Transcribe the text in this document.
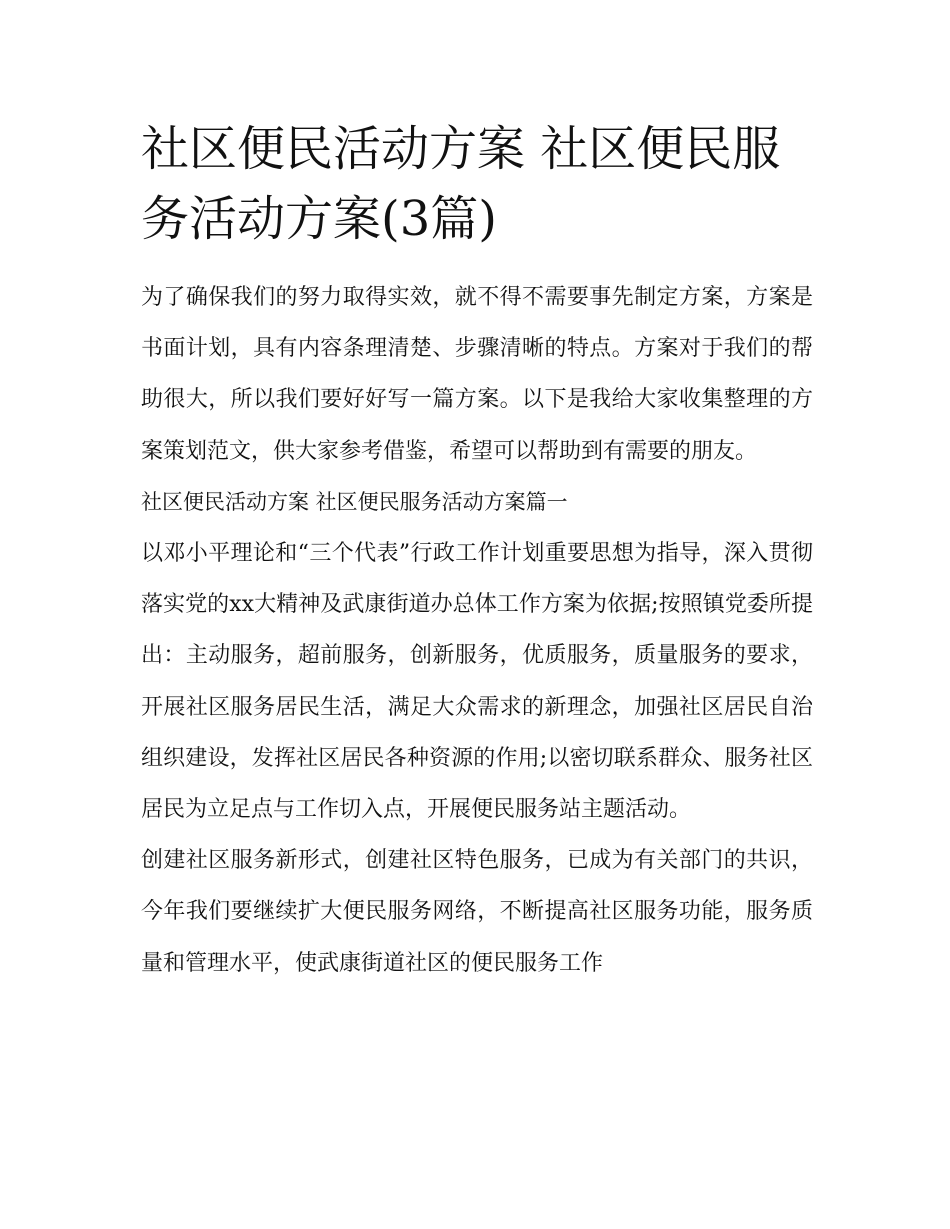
社区便民活动方案 社区便民服务活动方案(3篇)

为了确保我们的努力取得实效，就不得不需要事先制定方案，方案是书面计划，具有内容条理清楚、步骤清晰的特点。方案对于我们的帮助很大，所以我们要好好写一篇方案。以下是我给大家收集整理的方案策划范文，供大家参考借鉴，希望可以帮助到有需要的朋友。

社区便民活动方案 社区便民服务活动方案篇一

以邓小平理论和“三个代表”行政工作计划重要思想为指导，深入贯彻落实党的xx大精神及武康街道办总体工作方案为依据;按照镇党委所提出：主动服务，超前服务，创新服务，优质服务，质量服务的要求，开展社区服务居民生活，满足大众需求的新理念，加强社区居民自治组织建设，发挥社区居民各种资源的作用;以密切联系群众、服务社区居民为立足点与工作切入点，开展便民服务站主题活动。

创建社区服务新形式，创建社区特色服务，已成为有关部门的共识，今年我们要继续扩大便民服务网络，不断提高社区服务功能，服务质量和管理水平，使武康街道社区的便民服务工作
